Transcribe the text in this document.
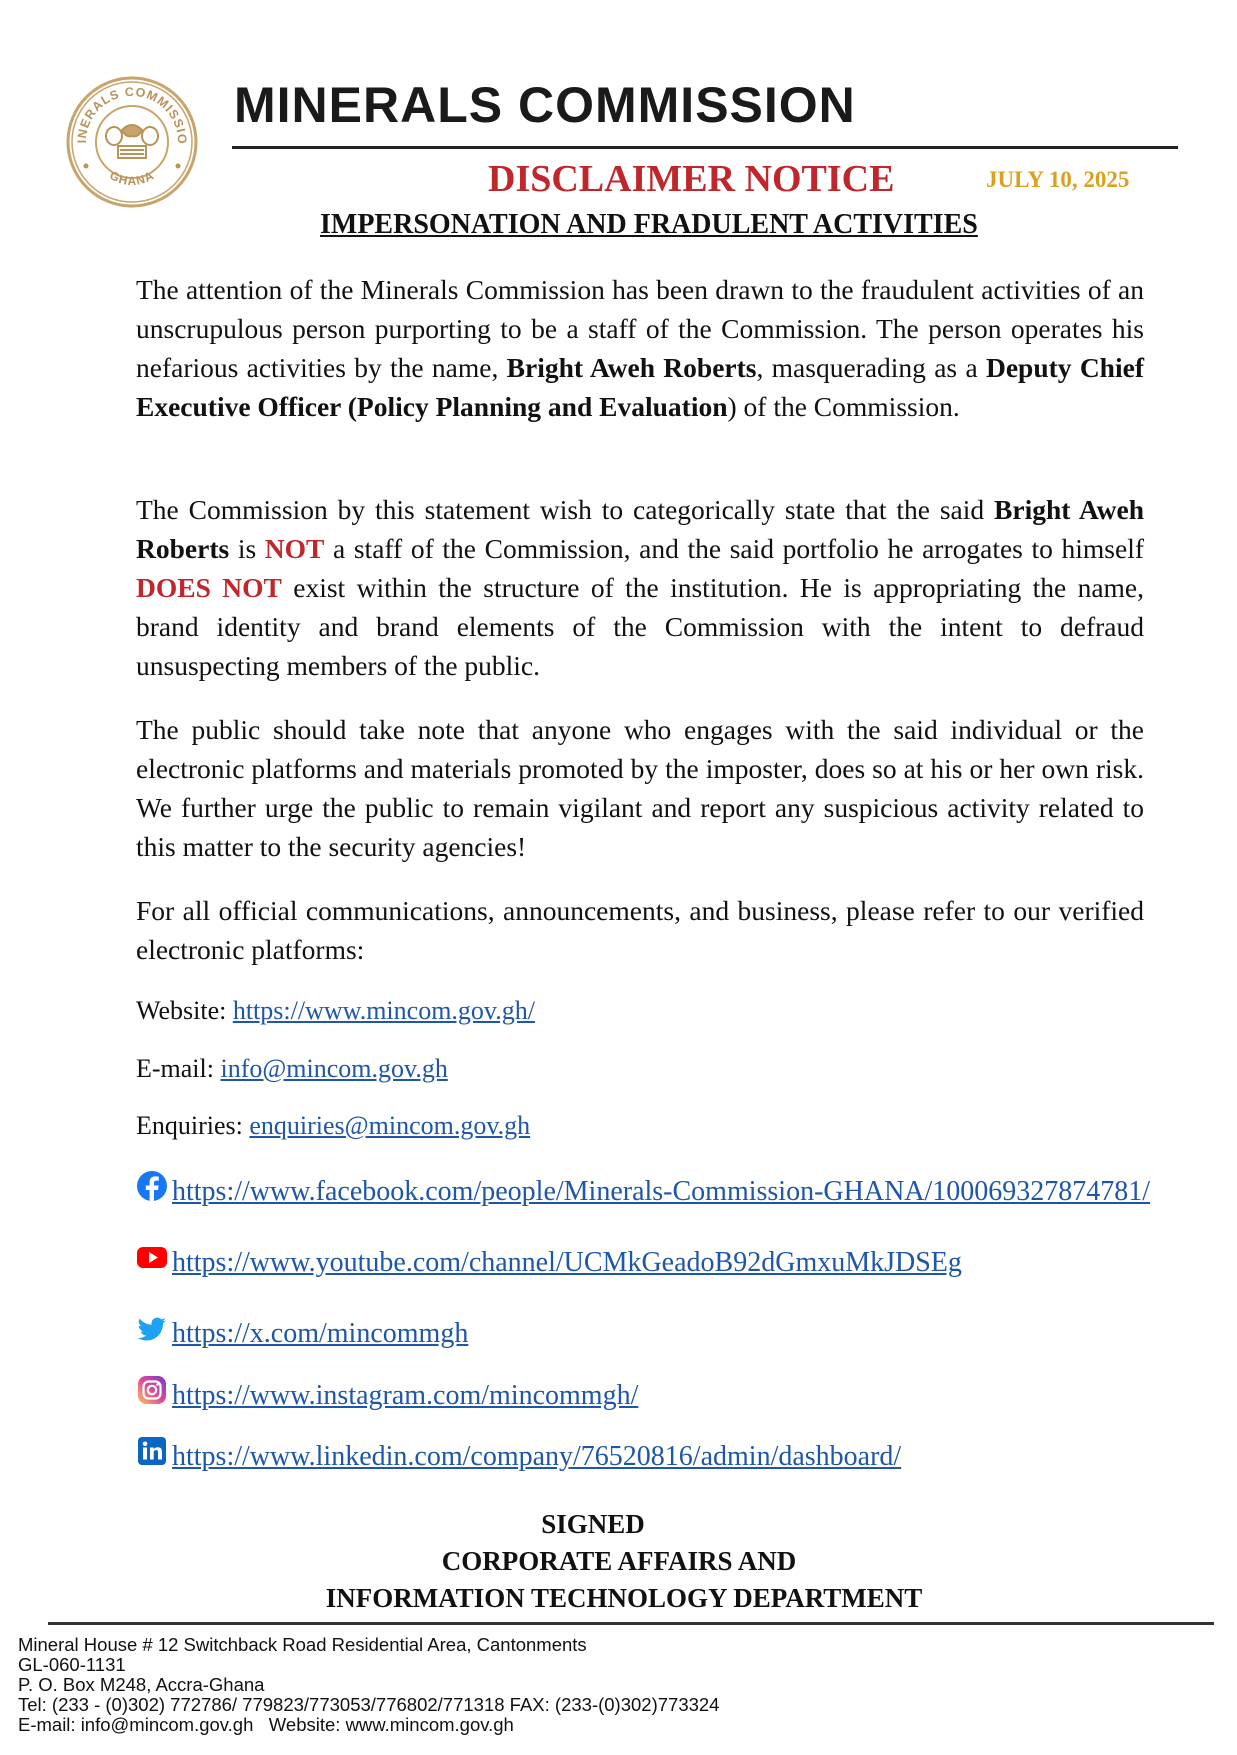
INERALS COMMISSIO
GHANA
MINERALS COMMISSION
DISCLAIMER NOTICE	JULY 10, 2025
IMPERSONATION AND FRADULENT ACTIVITIES
The attention of the Minerals Commission has been drawn to the fraudulent activities of an unscrupulous person purporting to be a staff of the Commission. The person operates his nefarious activities by the name, Bright Aweh Roberts, masquerading as a Deputy Chief Executive Officer (Policy Planning and Evaluation) of the Commission.
The Commission by this statement wish to categorically state that the said Bright Aweh Roberts is NOT a staff of the Commission, and the said portfolio he arrogates to himself DOES NOT exist within the structure of the institution. He is appropriating the name, brand identity and brand elements of the Commission with the intent to defraud unsuspecting members of the public.
The public should take note that anyone who engages with the said individual or the electronic platforms and materials promoted by the imposter, does so at his or her own risk. We further urge the public to remain vigilant and report any suspicious activity related to this matter to the security agencies!
For all official communications, announcements, and business, please refer to our verified electronic platforms:
Website: https://www.mincom.gov.gh/
E-mail: info@mincom.gov.gh
Enquiries: enquiries@mincom.gov.gh
https://www.facebook.com/people/Minerals-Commission-GHANA/100069327874781/
https://www.youtube.com/channel/UCMkGeadoB92dGmxuMkJDSEg
https://x.com/mincommgh
https://www.instagram.com/mincommgh/
https://www.linkedin.com/company/76520816/admin/dashboard/
SIGNED
CORPORATE AFFAIRS AND
INFORMATION TECHNOLOGY DEPARTMENT
Mineral House # 12 Switchback Road Residential Area, Cantonments
GL-060-1131
P. O. Box M248, Accra-Ghana
Tel: (233 - (0)302) 772786/ 779823/773053/776802/771318 FAX: (233-(0)302)773324
E-mail: info@mincom.gov.gh   Website: www.mincom.gov.gh
